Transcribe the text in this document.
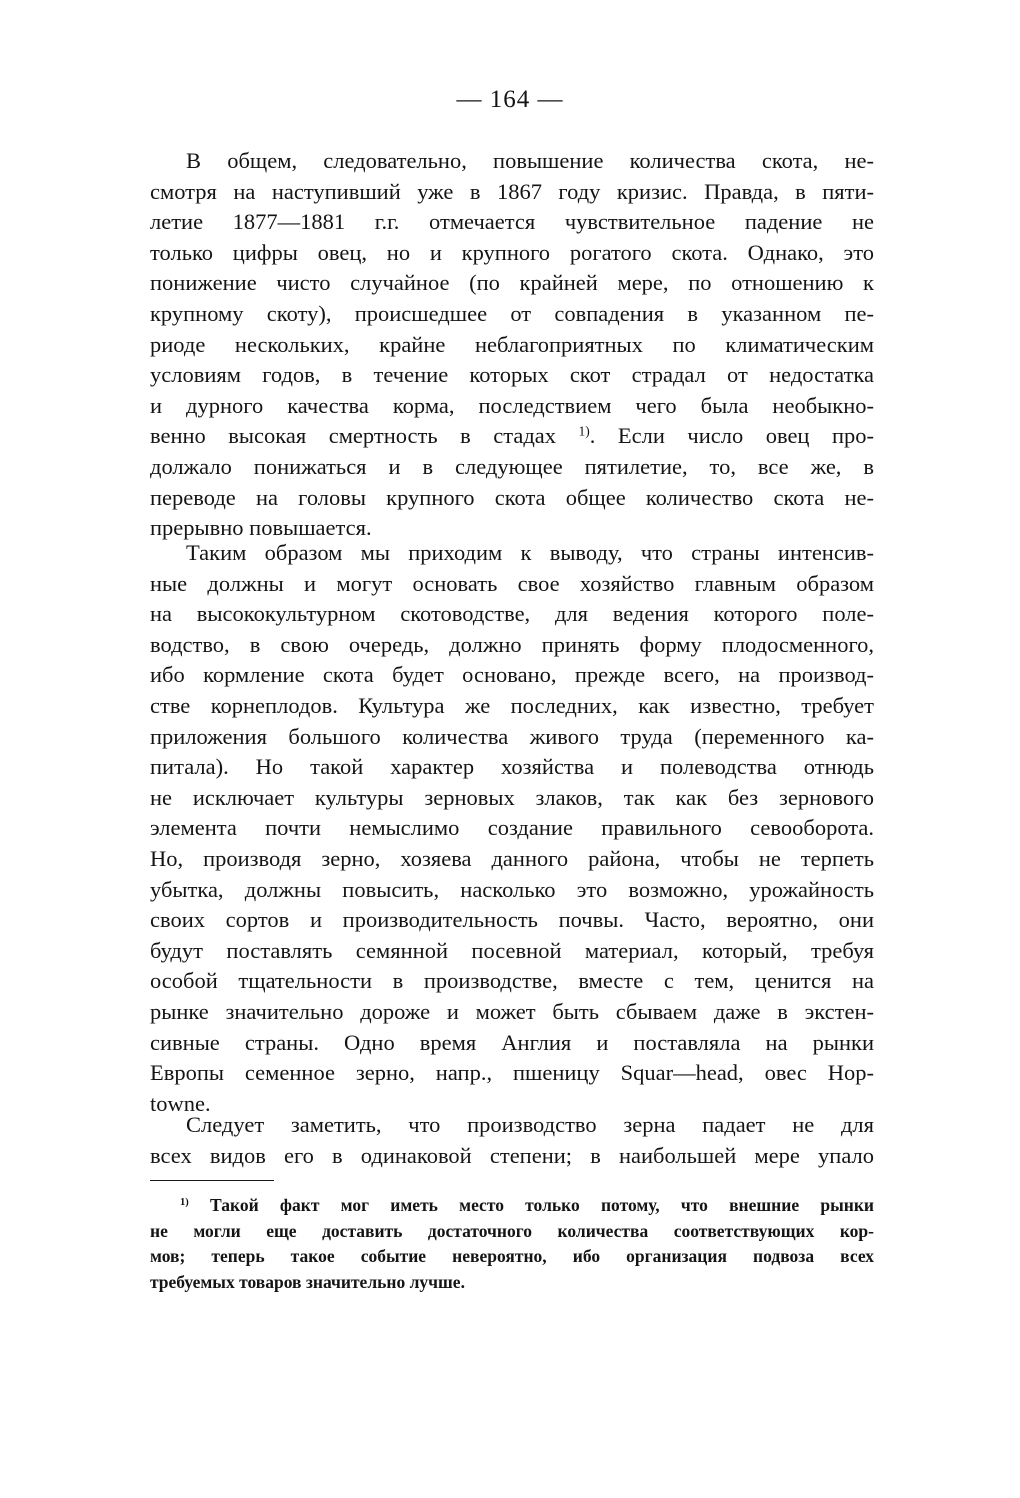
— 164 —
В общем, следовательно, повышение количества скота, не-
смотря на наступивший уже в 1867 году кризис. Правда, в пяти-
летие 1877—1881 г.г. отмечается чувствительное падение не
только цифры овец, но и крупного рогатого скота. Однако, это
понижение чисто случайное (по крайней мере, по отношению к
крупному скоту), происшедшее от совпадения в указанном пе-
риоде нескольких, крайне неблагоприятных по климатическим
условиям годов, в течение которых скот страдал от недостатка
и дурного качества корма, последствием чего была необыкно-
венно высокая смертность в стадах $^{1)}$. Если число овец про-
должало понижаться и в следующее пятилетие, то, все же, в
переводе на головы крупного скота общее количество скота не-
прерывно повышается.
Таким образом мы приходим к выводу, что страны интенсив-
ные должны и могут основать свое хозяйство главным образом
на высококультурном скотоводстве, для ведения которого поле-
водство, в свою очередь, должно принять форму плодосменного,
ибо кормление скота будет основано, прежде всего, на производ-
стве корнеплодов. Культура же последних, как известно, требует
приложения большого количества живого труда (переменного ка-
питала). Но такой характер хозяйства и полеводства отнюдь
не исключает культуры зерновых злаков, так как без зернового
элемента почти немыслимо создание правильного севооборота.
Но, производя зерно, хозяева данного района, чтобы не терпеть
убытка, должны повысить, насколько это возможно, урожайность
своих сортов и производительность почвы. Часто, вероятно, они
будут поставлять семянной посевной материал, который, требуя
особой тщательности в производстве, вместе с тем, ценится на
рынке значительно дороже и может быть сбываем даже в экстен-
сивные страны. Одно время Англия и поставляла на рынки
Европы семенное зерно, напр., пшеницу Squar—head, овес Hop-
towne.
Следует заметить, что производство зерна падает не для
всех видов его в одинаковой степени; в наибольшей мере упало
$^{1)}$ Такой факт мог иметь место только потому, что внешние рынки
не могли еще доставить достаточного количества соответствующих кор-
мов; теперь такое событие невероятно, ибо организация подвоза всех
требуемых товаров значительно лучше.
